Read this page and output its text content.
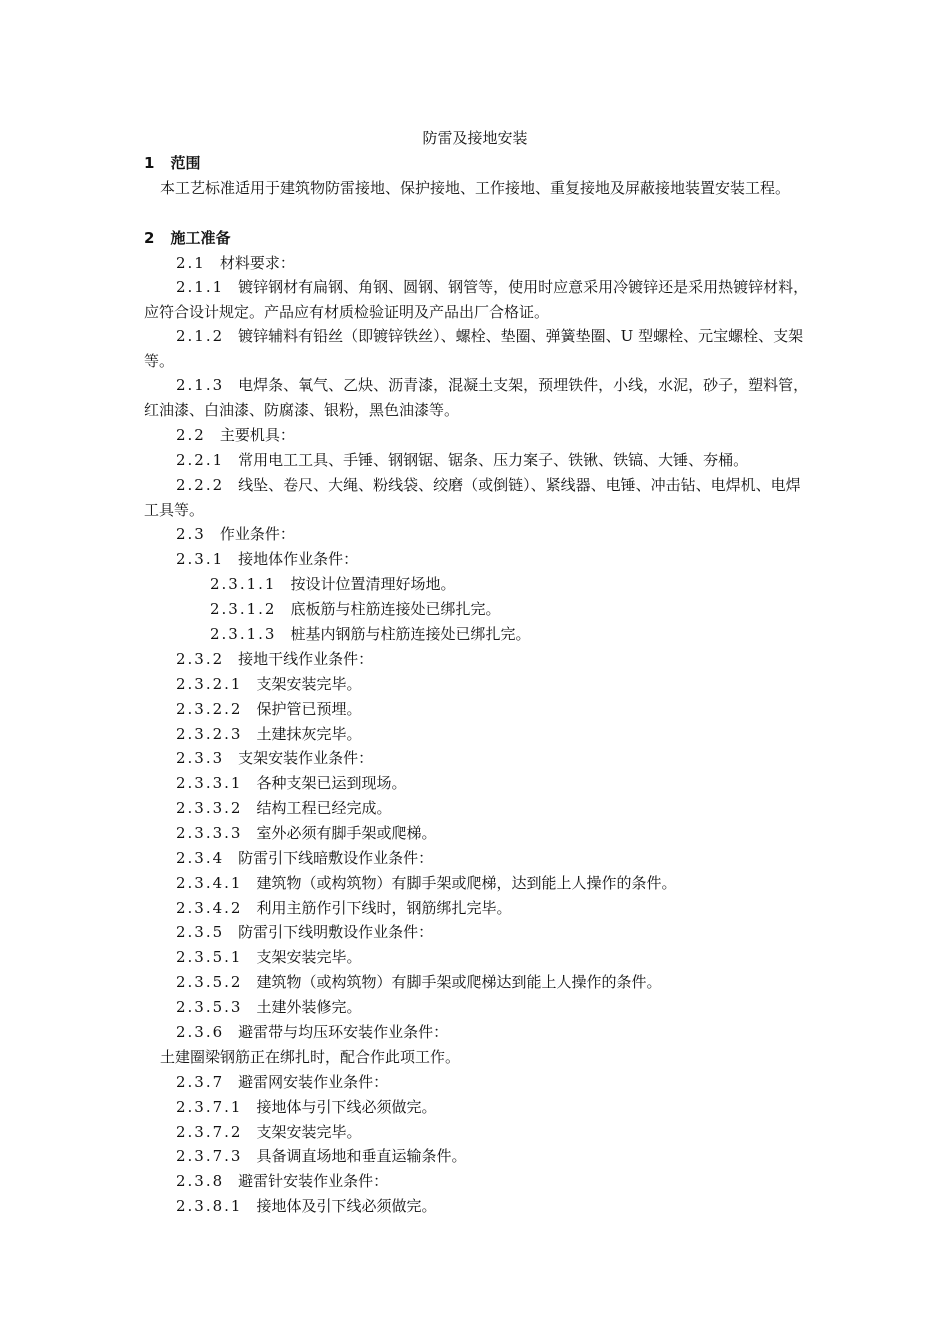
防雷及接地安装

1 范围

本工艺标准适用于建筑物防雷接地、保护接地、工作接地、重复接地及屏蔽接地装置安装工程。

2 施工准备

2.1 材料要求：

2.1.1 镀锌钢材有扁钢、角钢、圆钢、钢管等，使用时应意采用冷镀锌还是采用热镀锌材料，应符合设计规定。产品应有材质检验证明及产品出厂合格证。

2.1.2 镀锌辅料有铅丝（即镀锌铁丝）、螺栓、垫圈、弹簧垫圈、U 型螺栓、元宝螺栓、支架等。

2.1.3 电焊条、氧气、乙炔、沥青漆，混凝土支架，预埋铁件，小线，水泥，砂子，塑料管，红油漆、白油漆、防腐漆、银粉，黑色油漆等。

2.2 主要机具：

2.2.1 常用电工工具、手锤、钢钢锯、锯条、压力案子、铁锹、铁镐、大锤、夯桶。

2.2.2 线坠、卷尺、大绳、粉线袋、绞磨（或倒链）、紧线器、电锤、冲击钻、电焊机、电焊工具等。

2.3 作业条件：

2.3.1 接地体作业条件：

2.3.1.1 按设计位置清理好场地。

2.3.1.2 底板筋与柱筋连接处已绑扎完。

2.3.1.3 桩基内钢筋与柱筋连接处已绑扎完。

2.3.2 接地干线作业条件：

2.3.2.1 支架安装完毕。

2.3.2.2 保护管已预埋。

2.3.2.3 土建抹灰完毕。

2.3.3 支架安装作业条件：

2.3.3.1 各种支架已运到现场。

2.3.3.2 结构工程已经完成。

2.3.3.3 室外必须有脚手架或爬梯。

2.3.4 防雷引下线暗敷设作业条件：

2.3.4.1 建筑物（或构筑物）有脚手架或爬梯，达到能上人操作的条件。

2.3.4.2 利用主筋作引下线时，钢筋绑扎完毕。

2.3.5 防雷引下线明敷设作业条件：

2.3.5.1 支架安装完毕。

2.3.5.2 建筑物（或构筑物）有脚手架或爬梯达到能上人操作的条件。

2.3.5.3 土建外装修完。

2.3.6 避雷带与均压环安装作业条件：

土建圈梁钢筋正在绑扎时，配合作此项工作。

2.3.7 避雷网安装作业条件：

2.3.7.1 接地体与引下线必须做完。

2.3.7.2 支架安装完毕。

2.3.7.3 具备调直场地和垂直运输条件。

2.3.8 避雷针安装作业条件：

2.3.8.1 接地体及引下线必须做完。
